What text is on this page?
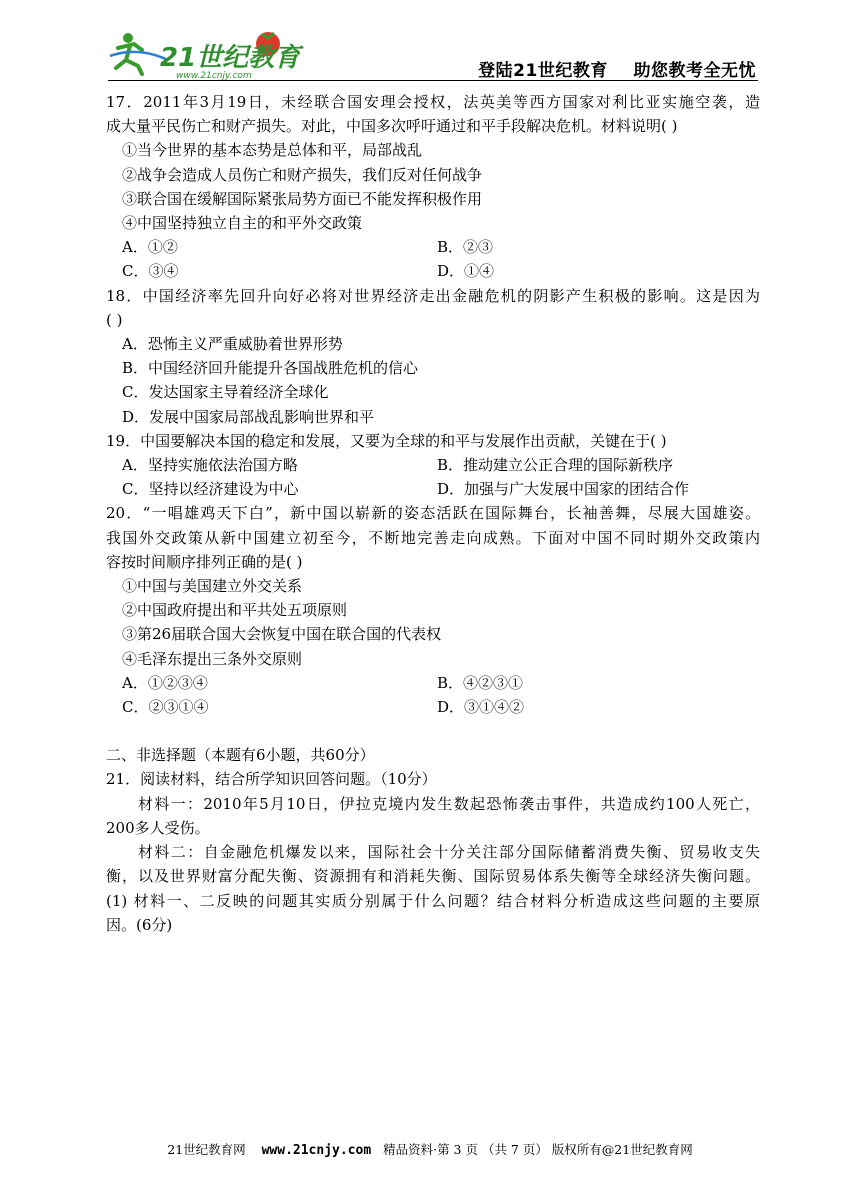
21世纪教育
www.21cnjy.com	登陆21世纪教育    助您教考全无忧
17．2011年3月19日，未经联合国安理会授权，法英美等西方国家对利比亚实施空袭，造
成大量平民伤亡和财产损失。对此，中国多次呼吁通过和平手段解决危机。材料说明( )
①当今世界的基本态势是总体和平，局部战乱
②战争会造成人员伤亡和财产损失，我们反对任何战争
③联合国在缓解国际紧张局势方面已不能发挥积极作用
④中国坚持独立自主的和平外交政策
A．①②	B．②③
C．③④	D．①④
18．中国经济率先回升向好必将对世界经济走出金融危机的阴影产生积极的影响。这是因为
( )
A．恐怖主义严重威胁着世界形势
B．中国经济回升能提升各国战胜危机的信心
C．发达国家主导着经济全球化
D．发展中国家局部战乱影响世界和平
19．中国要解决本国的稳定和发展，又要为全球的和平与发展作出贡献，关键在于( )
A．坚持实施依法治国方略	B．推动建立公正合理的国际新秩序
C．坚持以经济建设为中心	D．加强与广大发展中国家的团结合作
20．“一唱雄鸡天下白”，新中国以崭新的姿态活跃在国际舞台，长袖善舞，尽展大国雄姿。
我国外交政策从新中国建立初至今，不断地完善走向成熟。下面对中国不同时期外交政策内
容按时间顺序排列正确的是( )
①中国与美国建立外交关系
②中国政府提出和平共处五项原则
③第26届联合国大会恢复中国在联合国的代表权
④毛泽东提出三条外交原则
A．①②③④	B．④②③①
C．②③①④	D．③①④②
二、非选择题（本题有6小题，共60分）
21．阅读材料，结合所学知识回答问题。（10分）
材料一：2010年5月10日，伊拉克境内发生数起恐怖袭击事件，共造成约100人死亡，
200多人受伤。
材料二：自金融危机爆发以来，国际社会十分关注部分国际储蓄消费失衡、贸易收支失
衡，以及世界财富分配失衡、资源拥有和消耗失衡、国际贸易体系失衡等全球经济失衡问题。
(1) 材料一、二反映的问题其实质分别属于什么问题？结合材料分析造成这些问题的主要原
因。(6分)
21世纪教育网    www.21cnjy.com   精品资料·第 3 页 （共 7 页） 版权所有@21世纪教育网
